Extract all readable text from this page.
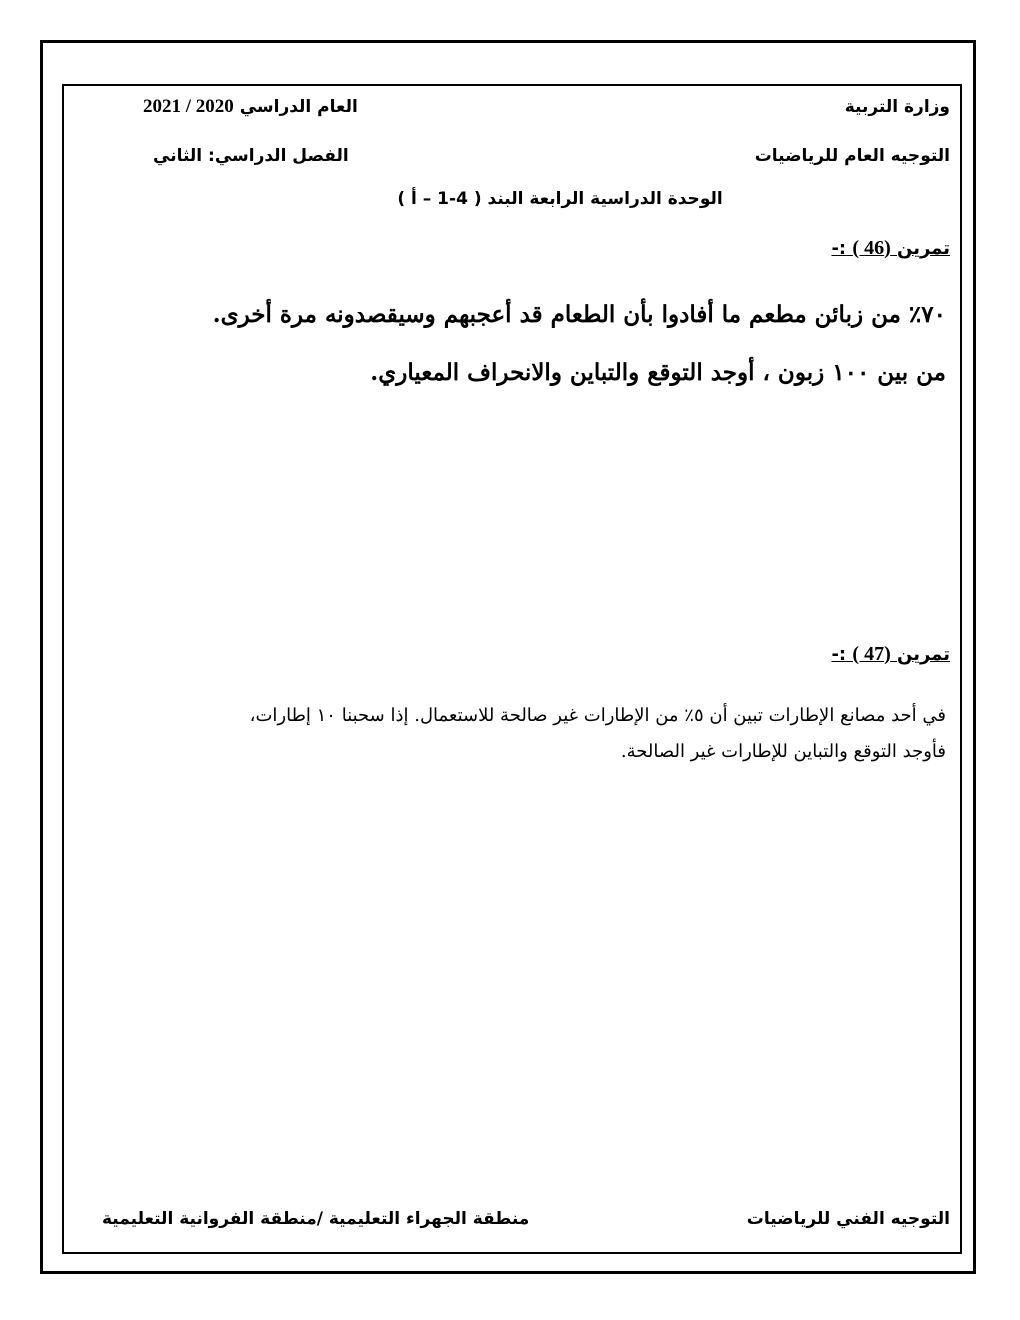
وزارة التربية
التوجيه العام للرياضيات
العام الدراسي 2021 / 2020
الفصل الدراسي: الثاني
الوحدة الدراسية الرابعة البند ( 4-1 – أ )
تمرين (46 ) :-

٧٠٪ من زبائن مطعم ما أفادوا بأن الطعام قد أعجبهم وسيقصدونه مرة أخرى.

من بين ١٠٠ زبون ، أوجد التوقع والتباين والانحراف المعياري.

تمرين (47 ) :-

في أحد مصانع الإطارات تبين أن ٥٪ من الإطارات غير صالحة للاستعمال. إذا سحبنا ١٠ إطارات،

فأوجد التوقع والتباين للإطارات غير الصالحة.

التوجيه الفني للرياضيات
منطقة الجهراء التعليمية /منطقة الفروانية التعليمية
